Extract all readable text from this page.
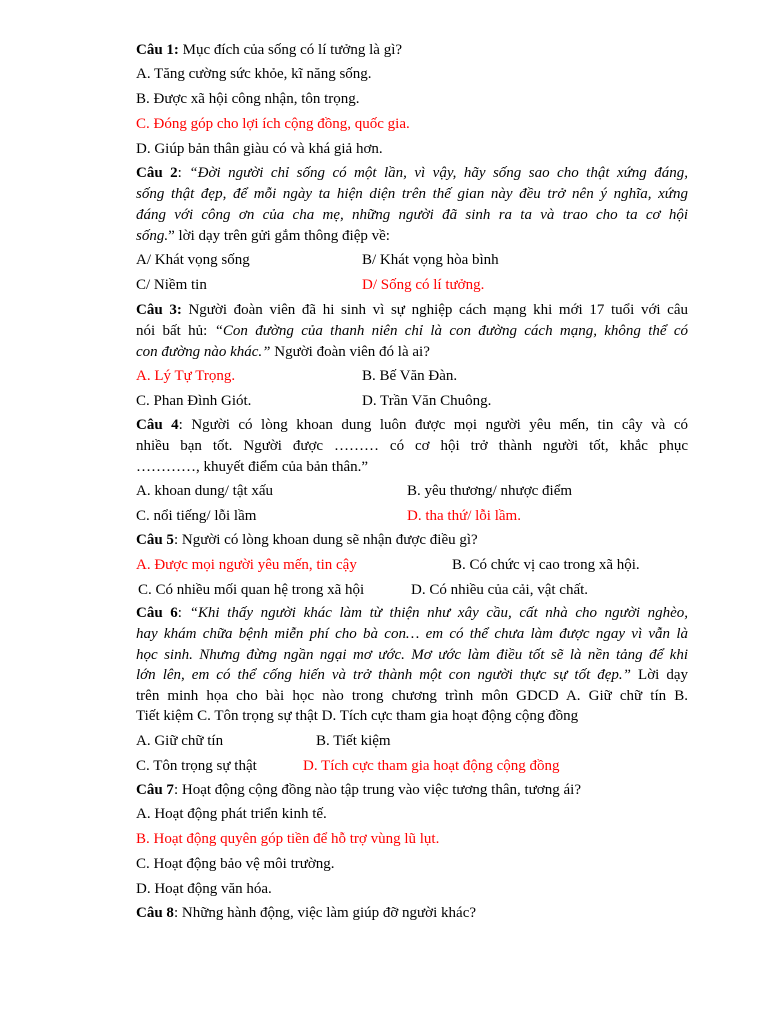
Câu 1: Mục đích của sống có lí tưởng là gì?
A. Tăng cường sức khỏe, kĩ năng sống.
B. Được xã hội công nhận, tôn trọng.
C. Đóng góp cho lợi ích cộng đồng, quốc gia.
D. Giúp bản thân giàu có và khá giả hơn.
Câu 2: “Đời người chỉ sống có một lần, vì vậy, hãy sống sao cho thật xứng đáng,
sống thật đẹp, để mỗi ngày ta hiện diện trên thế gian này đều trở nên ý nghĩa, xứng
đáng với công ơn của cha mẹ, những người đã sinh ra ta và trao cho ta cơ hội
sống.” lời dạy trên gửi gắm thông điệp về:
A/ Khát vọng sống	B/ Khát vọng hòa bình
C/ Niềm tin	D/ Sống có lí tưởng.
Câu 3: Người đoàn viên đã hi sinh vì sự nghiệp cách mạng khi mới 17 tuổi với câu
nói bất hủ: “Con đường của thanh niên chỉ là con đường cách mạng, không thể có
con đường nào khác.” Người đoàn viên đó là ai?
A. Lý Tự Trọng.	B. Bế Văn Đàn.
C. Phan Đình Giót.	D. Trần Văn Chuông.
Câu 4: Người có lòng khoan dung luôn được mọi người yêu mến, tin cây và có
nhiều bạn tốt. Người được ……… có cơ hội trở thành người tốt, khắc phục
…………, khuyết điểm của bản thân.”
A. khoan dung/ tật xấu	B. yêu thương/ nhược điểm
C. nổi tiếng/ lỗi lầm	D. tha thứ/ lỗi lầm.
Câu 5: Người có lòng khoan dung sẽ nhận được điều gì?
A. Được mọi người yêu mến, tin cậy	B. Có chức vị cao trong xã hội.
C. Có nhiều mối quan hệ trong xã hội	D. Có nhiều của cải, vật chất.
Câu 6: “Khi thấy người khác làm từ thiện như xây cầu, cất nhà cho người nghèo,
hay khám chữa bệnh miễn phí cho bà con… em có thể chưa làm được ngay vì vẫn là
học sinh. Nhưng đừng ngần ngại mơ ước. Mơ ước làm điều tốt sẽ là nền tảng để khi
lớn lên, em có thể cống hiến và trở thành một con người thực sự tốt đẹp.” Lời dạy
trên minh họa cho bài học nào trong chương trình môn GDCD A. Giữ chữ tín B.
Tiết kiệm C. Tôn trọng sự thật D. Tích cực tham gia hoạt động cộng đồng
A. Giữ chữ tín	B. Tiết kiệm
C. Tôn trọng sự thật	D. Tích cực tham gia hoạt động cộng đồng
Câu 7: Hoạt động cộng đồng nào tập trung vào việc tương thân, tương ái?
A. Hoạt động phát triển kinh tế.
B. Hoạt động quyên góp tiền để hỗ trợ vùng lũ lụt.
C. Hoạt động bảo vệ môi trường.
D. Hoạt động văn hóa.
Câu 8: Những hành động, việc làm giúp đỡ người khác?
